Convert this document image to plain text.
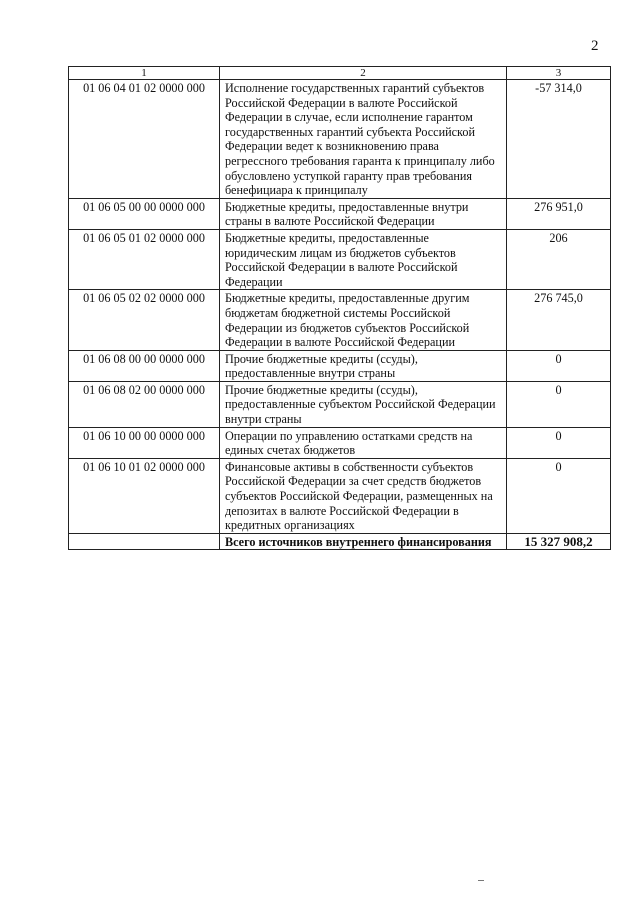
2
1	2	3
01 06 04 01 02 0000 000	Исполнение государственных гарантий субъектов Российской Федерации в валюте Российской Федерации в случае, если исполнение гарантом государственных гарантий субъекта Российской Федерации ведет к возникновению права регрессного требования гаранта к принципалу либо обусловлено уступкой гаранту прав требования бенефициара к принципалу	-57 314,0
01 06 05 00 00 0000 000	Бюджетные кредиты, предоставленные внутри страны в валюте Российской Федерации	276 951,0
01 06 05 01 02 0000 000	Бюджетные кредиты, предоставленные юридическим лицам из бюджетов субъектов Российской Федерации в валюте Российской Федерации	206
01 06 05 02 02 0000 000	Бюджетные кредиты, предоставленные другим бюджетам бюджетной системы Российской Федерации из бюджетов субъектов Российской Федерации в валюте Российской Федерации	276 745,0
01 06 08 00 00 0000 000	Прочие бюджетные кредиты (ссуды), предоставленные внутри страны	0
01 06 08 02 00 0000 000	Прочие бюджетные кредиты (ссуды), предоставленные субъектом Российской Федерации внутри страны	0
01 06 10 00 00 0000 000	Операции по управлению остатками средств на единых счетах бюджетов	0
01 06 10 01 02 0000 000	Финансовые активы в собственности субъектов Российской Федерации за счет средств бюджетов субъектов Российской Федерации, размещенных на депозитах в валюте Российской Федерации в кредитных организациях	0
	Всего источников внутреннего финансирования	15 327 908,2
